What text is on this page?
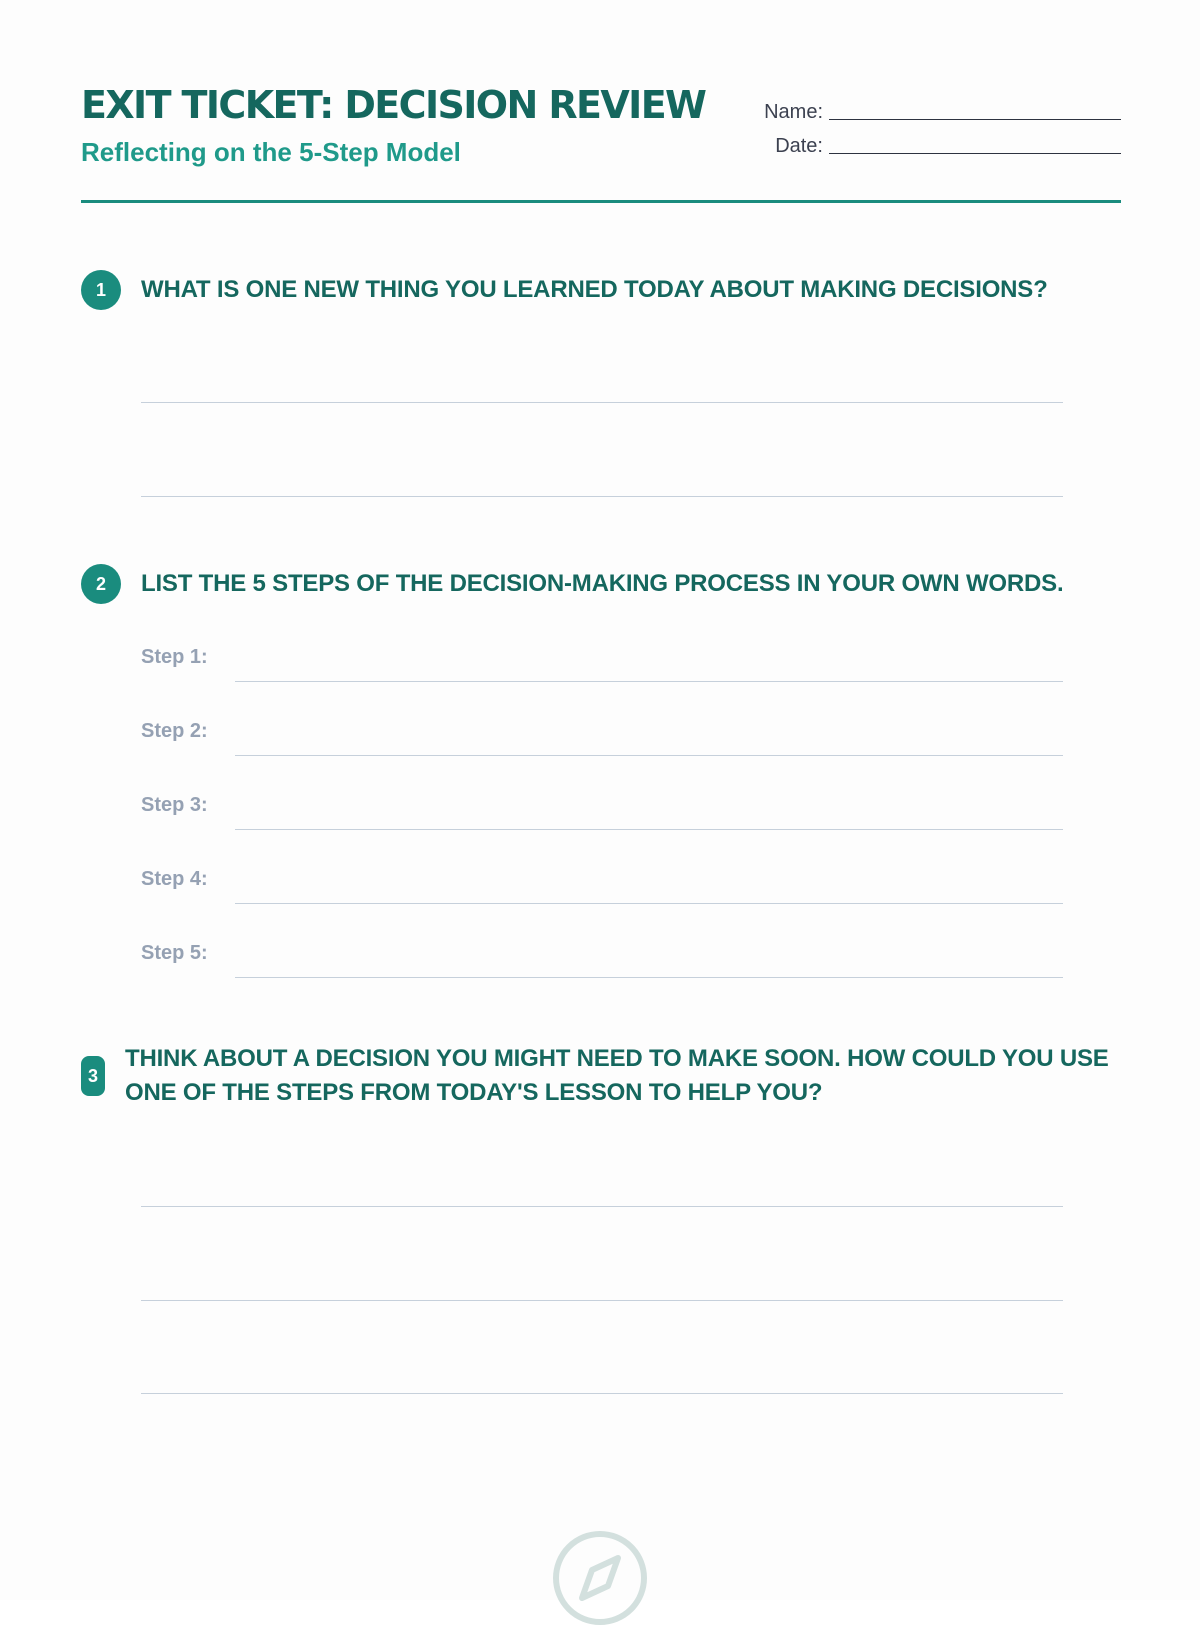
EXIT TICKET: DECISION REVIEW
Reflecting on the 5-Step Model
Name:
Date:
1	WHAT IS ONE NEW THING YOU LEARNED TODAY ABOUT MAKING DECISIONS?

2	LIST THE 5 STEPS OF THE DECISION-MAKING PROCESS IN YOUR OWN WORDS.

Step 1:
Step 2:
Step 3:
Step 4:
Step 5:
3

THINK ABOUT A DECISION YOU MIGHT NEED TO MAKE SOON. HOW COULD YOU USE
ONE OF THE STEPS FROM TODAY'S LESSON TO HELP YOU?
